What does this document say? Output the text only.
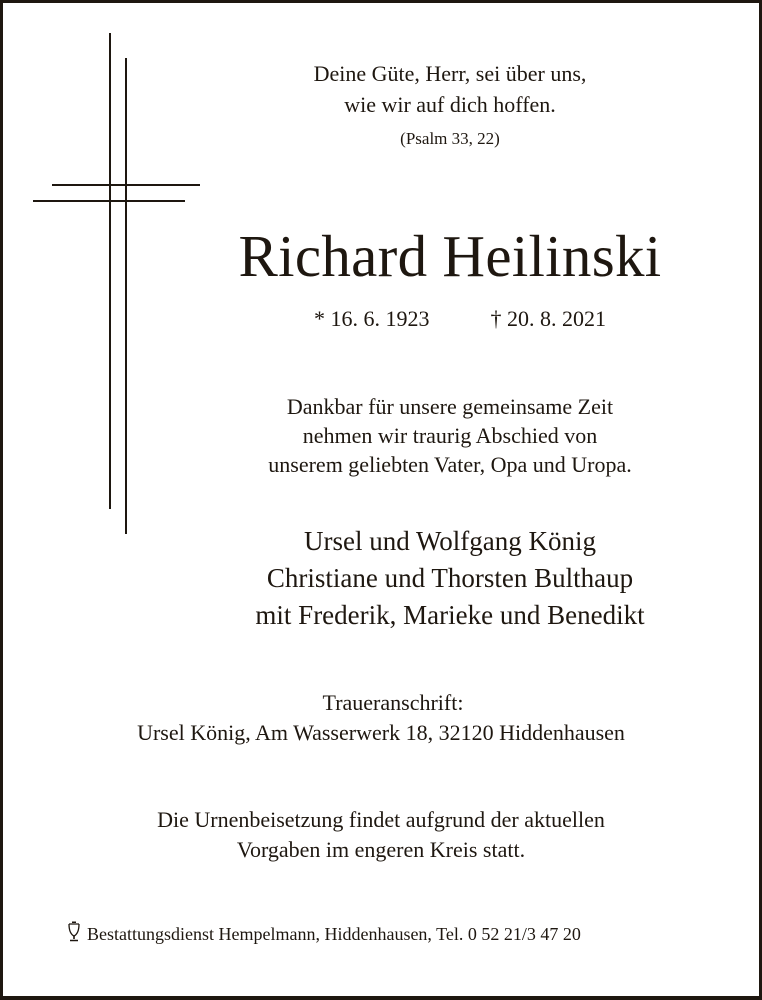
Deine Güte, Herr, sei über uns,
wie wir auf dich hoffen.
(Psalm 33, 22)
Richard Heilinski
* 16. 6. 1923	† 20. 8. 2021
Dankbar für unsere gemeinsame Zeit
nehmen wir traurig Abschied von
unserem geliebten Vater, Opa und Uropa.
Ursel und Wolfgang König
Christiane und Thorsten Bulthaup
mit Frederik, Marieke und Benedikt
Traueranschrift:
Ursel König, Am Wasserwerk 18, 32120 Hiddenhausen
Die Urnenbeisetzung findet aufgrund der aktuellen
Vorgaben im engeren Kreis statt.
Bestattungsdienst Hempelmann, Hiddenhausen, Tel. 0 52 21/3 47 20
